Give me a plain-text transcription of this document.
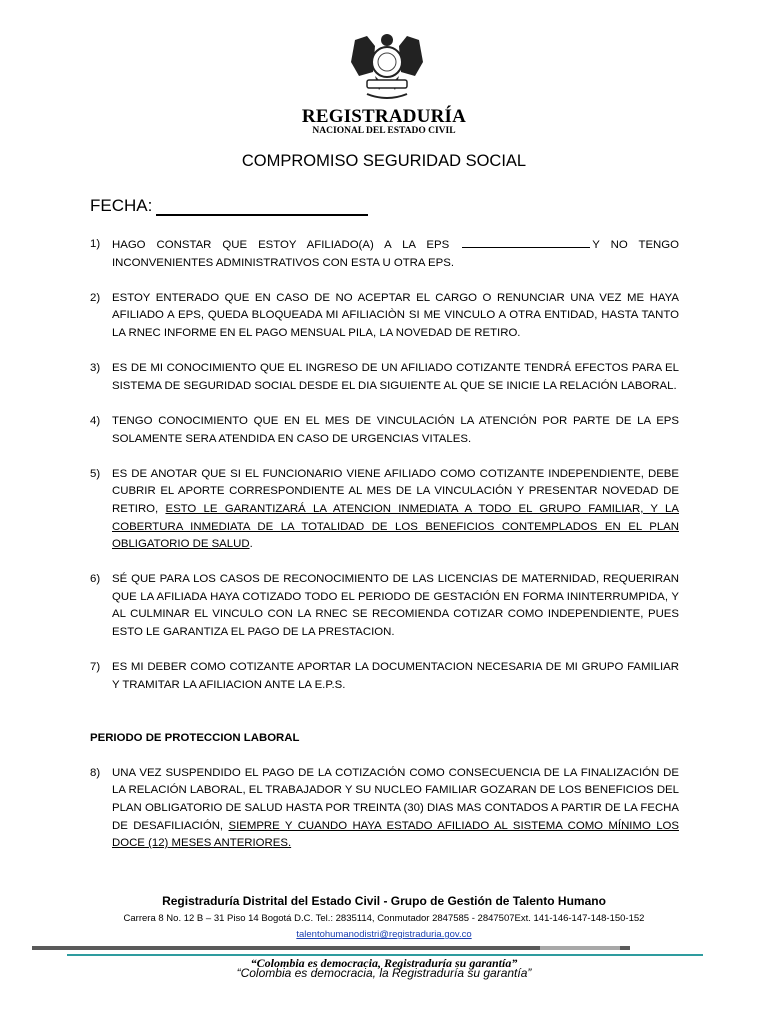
REGISTRADURÍA
NACIONAL DEL ESTADO CIVIL
COMPROMISO SEGURIDAD SOCIAL
FECHA:

1) HAGO CONSTAR QUE ESTOY AFILIADO(A) A LA EPS	Y NO TENGO INCONVENIENTES ADMINISTRATIVOS CON ESTA U OTRA EPS.

2) ESTOY ENTERADO QUE EN CASO DE NO ACEPTAR EL CARGO O RENUNCIAR UNA VEZ ME HAYA AFILIADO A EPS, QUEDA BLOQUEADA MI AFILIACIÒN SI ME VINCULO A OTRA ENTIDAD, HASTA TANTO LA RNEC INFORME EN EL PAGO MENSUAL PILA, LA NOVEDAD DE RETIRO.

3) ES DE MI CONOCIMIENTO QUE EL INGRESO DE UN AFILIADO COTIZANTE TENDRÁ EFECTOS PARA EL SISTEMA DE SEGURIDAD SOCIAL DESDE EL DIA SIGUIENTE AL QUE SE INICIE LA RELACIÓN LABORAL.

4) TENGO CONOCIMIENTO QUE EN EL MES DE VINCULACIÓN LA ATENCIÓN POR PARTE DE LA EPS SOLAMENTE SERA ATENDIDA EN CASO DE URGENCIAS VITALES.

5) ES DE ANOTAR QUE SI EL FUNCIONARIO VIENE AFILIADO COMO COTIZANTE INDEPENDIENTE, DEBE CUBRIR EL APORTE CORRESPONDIENTE AL MES DE LA VINCULACIÓN Y PRESENTAR NOVEDAD DE RETIRO, ESTO LE GARANTIZARÁ LA ATENCION INMEDIATA A TODO EL GRUPO FAMILIAR, Y LA COBERTURA INMEDIATA DE LA TOTALIDAD DE LOS BENEFICIOS CONTEMPLADOS EN EL PLAN OBLIGATORIO DE SALUD.

6) SÉ QUE PARA LOS CASOS DE RECONOCIMIENTO DE LAS LICENCIAS DE MATERNIDAD, REQUERIRAN QUE LA AFILIADA HAYA COTIZADO TODO EL PERIODO DE GESTACIÓN EN FORMA ININTERRUMPIDA, Y AL CULMINAR EL VINCULO CON LA RNEC SE RECOMIENDA COTIZAR COMO INDEPENDIENTE, PUES ESTO LE GARANTIZA EL PAGO DE LA PRESTACION.

7) ES MI DEBER COMO COTIZANTE APORTAR LA DOCUMENTACION NECESARIA DE MI GRUPO FAMILIAR Y TRAMITAR LA AFILIACION ANTE LA E.P.S.

PERIODO DE PROTECCION LABORAL

8) UNA VEZ SUSPENDIDO EL PAGO DE LA COTIZACIÓN COMO CONSECUENCIA DE LA FINALIZACIÓN DE LA RELACIÓN LABORAL, EL TRABAJADOR Y SU NUCLEO FAMILIAR GOZARAN DE LOS BENEFICIOS DEL PLAN OBLIGATORIO DE SALUD HASTA POR TREINTA (30) DIAS MAS CONTADOS A PARTIR DE LA FECHA DE DESAFILIACIÓN, SIEMPRE Y CUANDO HAYA ESTADO AFILIADO AL SISTEMA COMO MÍNIMO LOS DOCE (12) MESES ANTERIORES.

Registraduría Distrital del Estado Civil - Grupo de Gestión de Talento Humano
Carrera 8 No. 12 B – 31 Piso 14 Bogotá D.C. Tel.: 2835114, Conmutador 2847585 - 2847507Ext. 141-146-147-148-150-152
talentohumanodistri@registraduria.gov.co
“Colombia es democracia, Registraduría su garantía”
“Colombia es democracia, la Registraduría su garantía”
